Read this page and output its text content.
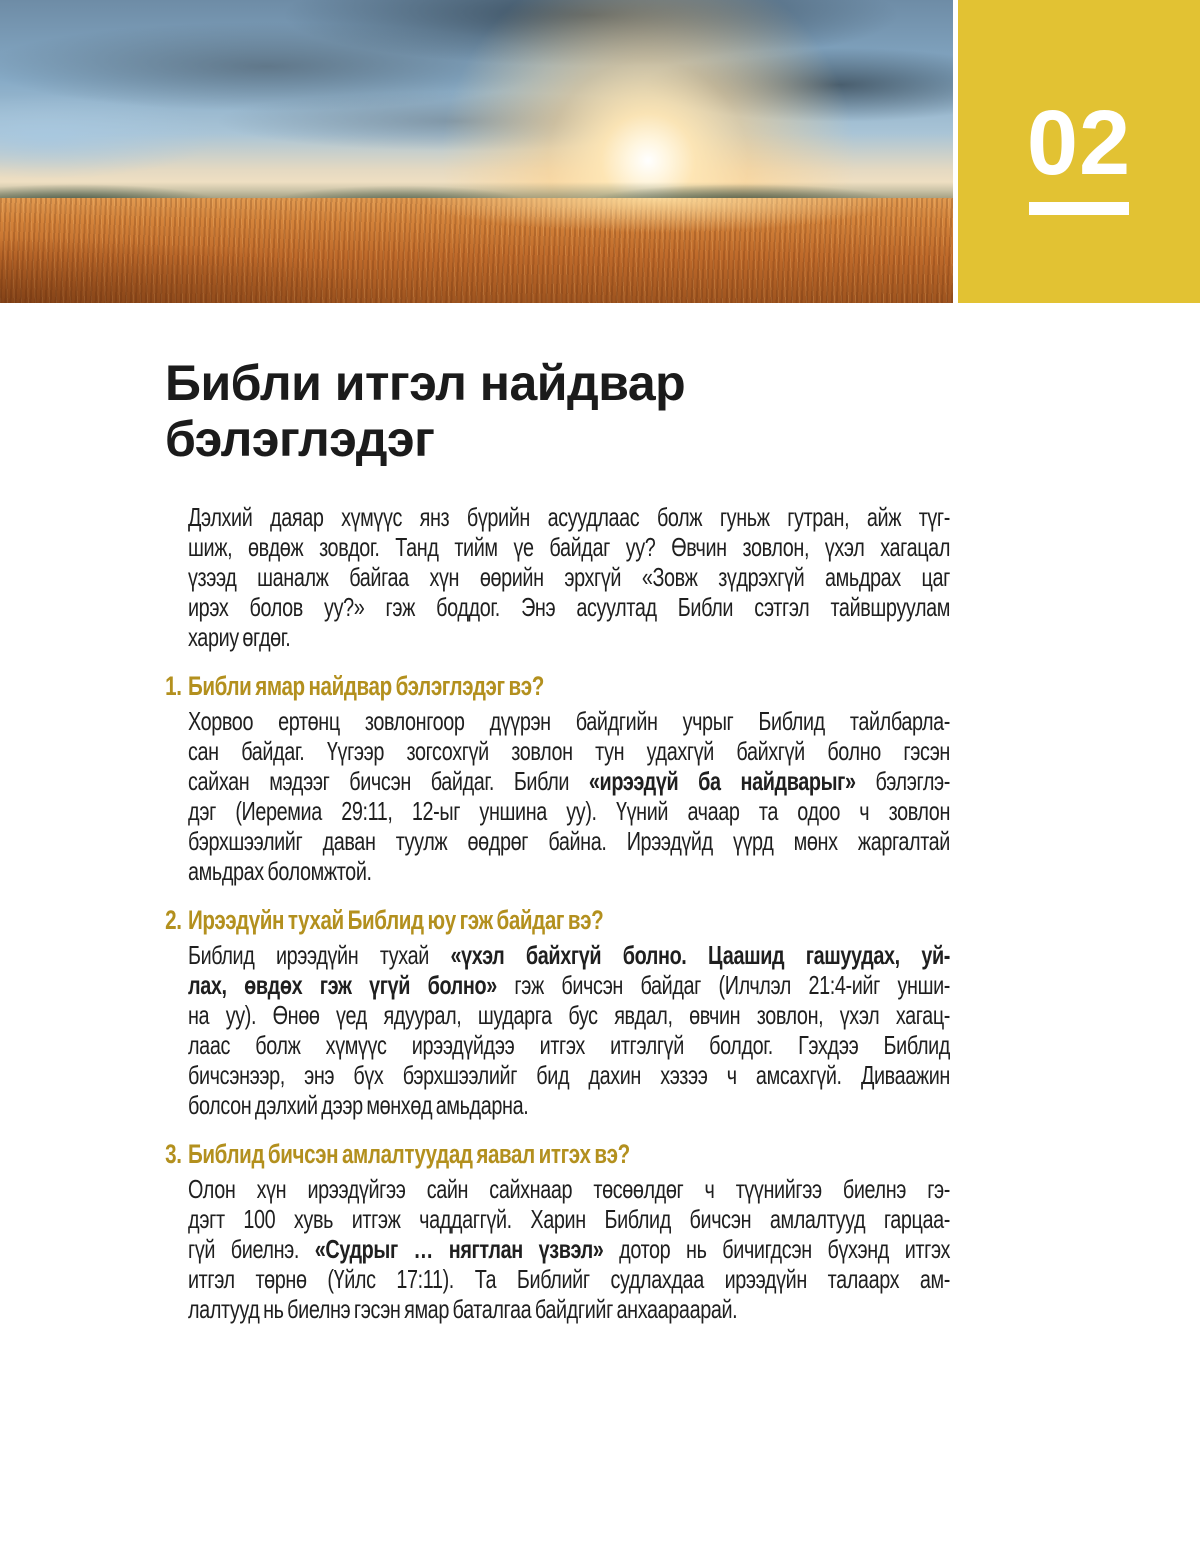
02
Библи итгэл найдвар
бэлэглэдэг
Дэлхий даяар хүмүүс янз бүрийн асуудлаас болж гуньж гутран, айж түг-
шиж, өвдөж зовдог. Танд тийм үе байдаг уу? Өвчин зовлон, үхэл хагацал
үзээд шаналж байгаа хүн өөрийн эрхгүй «Зовж зүдрэхгүй амьдрах цаг
ирэх болов уу?» гэж боддог. Энэ асуултад Библи сэтгэл тайвшруулам
хариу өгдөг.
1. Библи ямар найдвар бэлэглэдэг вэ?
Хорвоо ертөнц зовлонгоор дүүрэн байдгийн учрыг Библид тайлбарла-
сан байдаг. Үүгээр зогсохгүй зовлон тун удахгүй байхгүй болно гэсэн
сайхан мэдээг бичсэн байдаг. Библи «ирээдүй ба найдварыг» бэлэглэ-
дэг (Иеремиа 29:11, 12-ыг уншина уу). Үүний ачаар та одоо ч зовлон
бэрхшээлийг даван туулж өөдрөг байна. Ирээдүйд үүрд мөнх жаргалтай
амьдрах боломжтой.
2. Ирээдүйн тухай Библид юу гэж байдаг вэ?
Библид ирээдүйн тухай «үхэл байхгүй болно. Цаашид гашуудах, уй-
лах, өвдөх гэж үгүй болно» гэж бичсэн байдаг (Илчлэл 21:4-ийг унши-
на уу). Өнөө үед ядуурал, шударга бус явдал, өвчин зовлон, үхэл хагац-
лаас болж хүмүүс ирээдүйдээ итгэх итгэлгүй болдог. Гэхдээ Библид
бичсэнээр, энэ бүх бэрхшээлийг бид дахин хэзээ ч амсахгүй. Диваажин
болсон дэлхий дээр мөнхөд амьдарна.
3. Библид бичсэн амлалтуудад яавал итгэх вэ?
Олон хүн ирээдүйгээ сайн сайхнаар төсөөлдөг ч түүнийгээ биелнэ гэ-
дэгт 100 хувь итгэж чаддаггүй. Харин Библид бичсэн амлалтууд гарцаа-
гүй биелнэ. «Судрыг … нягтлан үзвэл» дотор нь бичигдсэн бүхэнд итгэх
итгэл төрнө (Үйлс 17:11). Та Библийг судлахдаа ирээдүйн талаарх ам-
лалтууд нь биелнэ гэсэн ямар баталгаа байдгийг анхаараарай.
